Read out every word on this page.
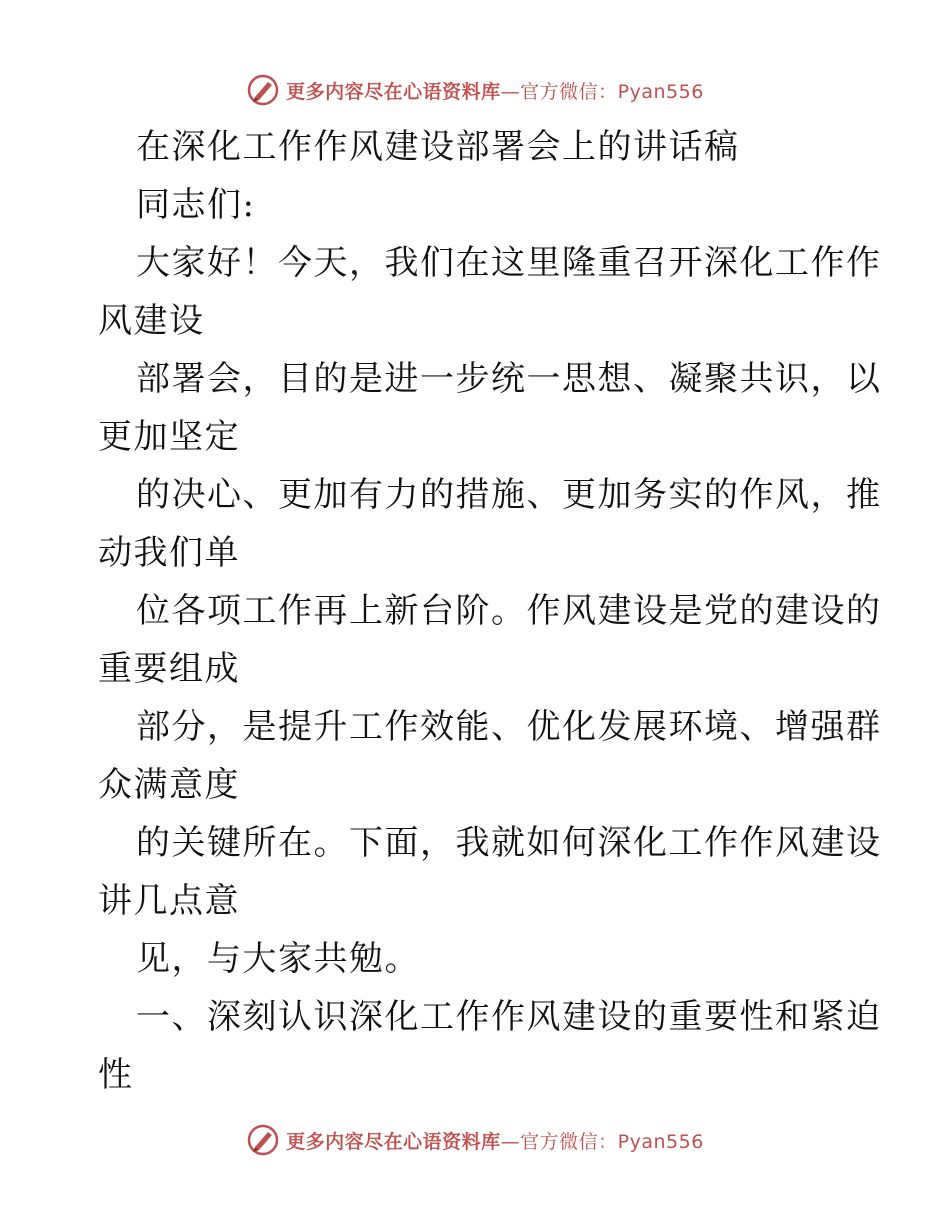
更多内容尽在心语资料库—官方微信：Pyan556
在深化工作作风建设部署会上的讲话稿
同志们:
大家好！今天，我们在这里隆重召开深化工作作
风建设
部署会，目的是进一步统一思想、凝聚共识，以
更加坚定
的决心、更加有力的措施、更加务实的作风，推
动我们单
位各项工作再上新台阶。作风建设是党的建设的
重要组成
部分，是提升工作效能、优化发展环境、增强群
众满意度
的关键所在。下面，我就如何深化工作作风建设
讲几点意
见，与大家共勉。
一、深刻认识深化工作作风建设的重要性和紧迫
性
更多内容尽在心语资料库—官方微信：Pyan556
